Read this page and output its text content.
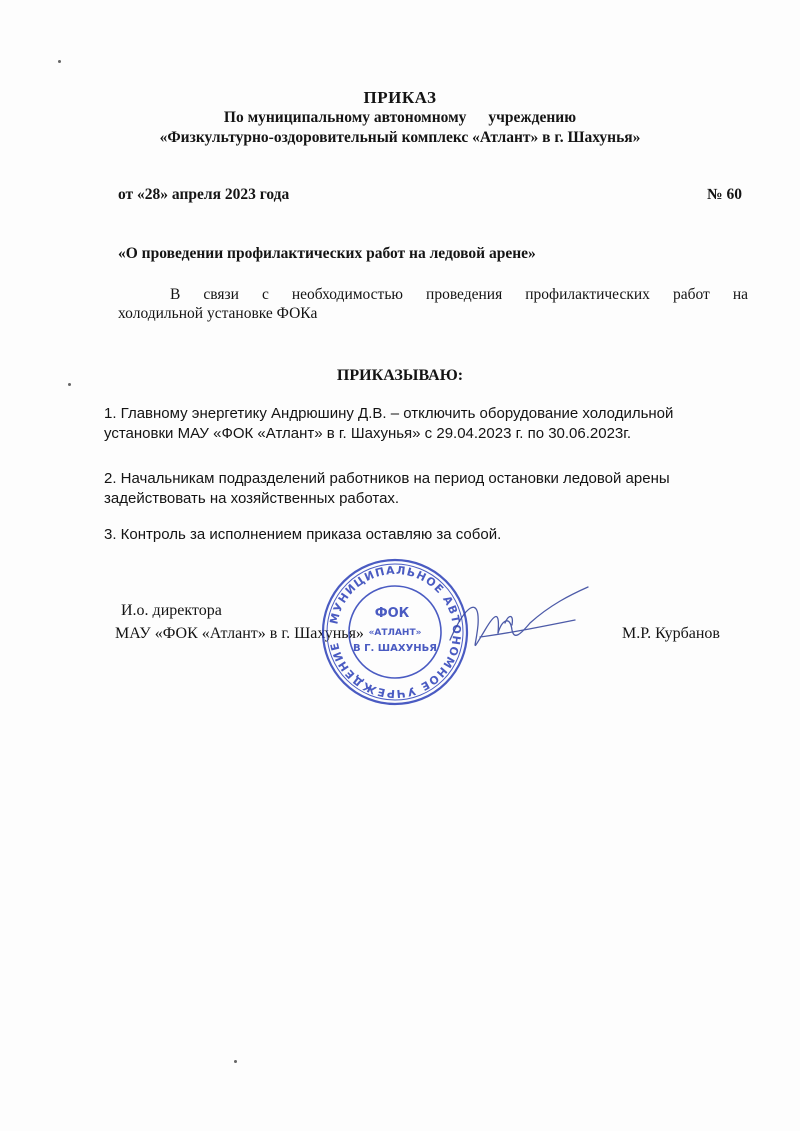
ПРИКАЗ
По муниципальному автономному учреждению
«Физкультурно-оздоровительный комплекс «Атлант» в г. Шахунья»
от «28» апреля 2023 года	№ 60
«О проведении профилактических работ на ледовой арене»
В связи с необходимостью проведения профилактических работ на
холодильной установке ФОКа
ПРИКАЗЫВАЮ:
1. Главному энергетику Андрюшину Д.В. – отключить оборудование холодильной
установки МАУ «ФОК «Атлант» в г. Шахунья» с 29.04.2023 г. по 30.06.2023г.
2. Начальникам подразделений работников на период остановки ледовой арены
задействовать на хозяйственных работах.
3. Контроль за исполнением приказа оставляю за собой.
И.о. директора
МАУ «ФОК «Атлант» в г. Шахунья»	М.Р. Курбанов
МУНИЦИПАЛЬНОЕ АВТОНОМНОЕ УЧРЕЖДЕНИЕ
ФОК
«АТЛАНТ»
В Г. ШАХУНЬЯ
